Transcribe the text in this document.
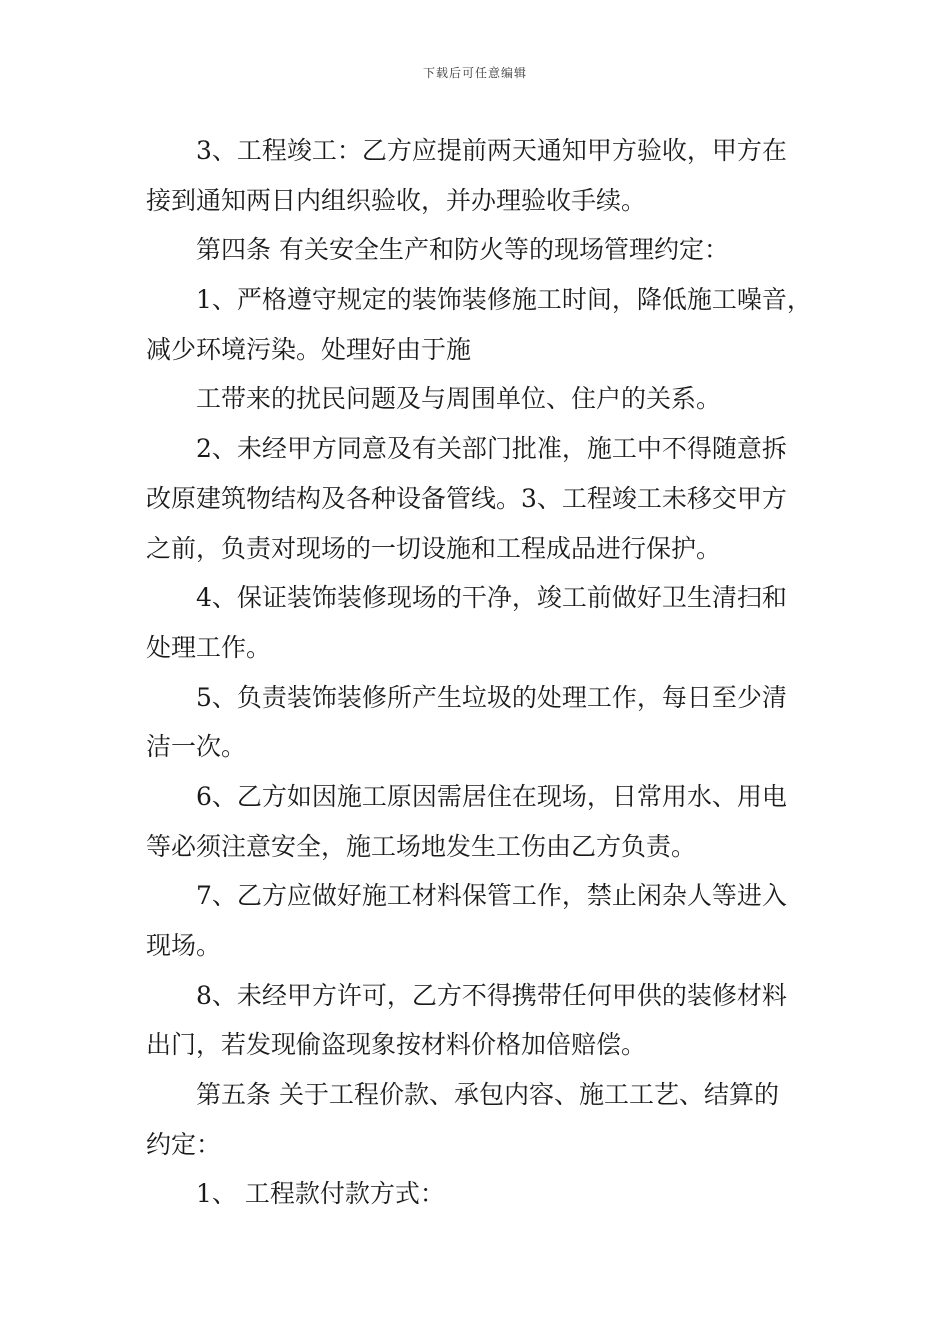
下载后可任意编辑
3、工程竣工：乙方应提前两天通知甲方验收，甲方在
接到通知两日内组织验收，并办理验收手续。
第四条 有关安全生产和防火等的现场管理约定：
1、严格遵守规定的装饰装修施工时间，降低施工噪音，
减少环境污染。处理好由于施
工带来的扰民问题及与周围单位、住户的关系。
2、未经甲方同意及有关部门批准，施工中不得随意拆
改原建筑物结构及各种设备管线。3、工程竣工未移交甲方
之前，负责对现场的一切设施和工程成品进行保护。
4、保证装饰装修现场的干净，竣工前做好卫生清扫和
处理工作。
5、负责装饰装修所产生垃圾的处理工作，每日至少清
洁一次。
6、乙方如因施工原因需居住在现场，日常用水、用电
等必须注意安全，施工场地发生工伤由乙方负责。
7、乙方应做好施工材料保管工作，禁止闲杂人等进入
现场。
8、未经甲方许可，乙方不得携带任何甲供的装修材料
出门，若发现偷盗现象按材料价格加倍赔偿。
第五条 关于工程价款、承包内容、施工工艺、结算的
约定：
1、 工程款付款方式：
